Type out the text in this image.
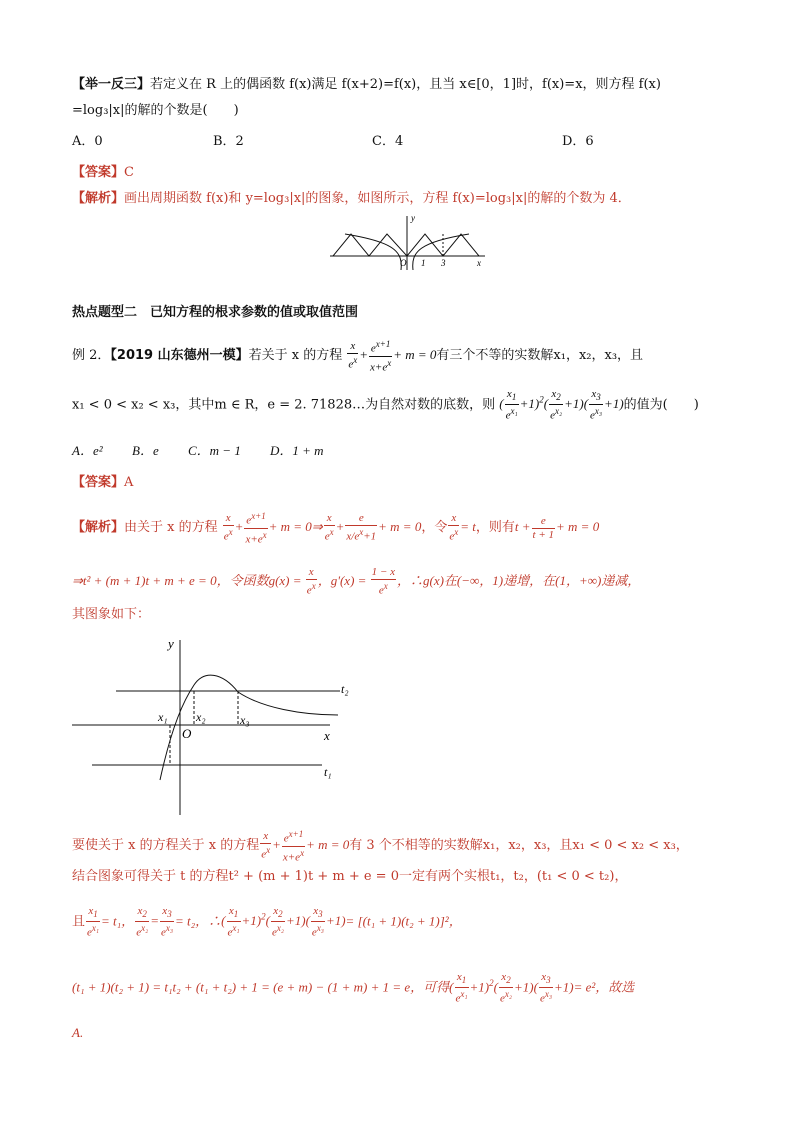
【举一反三】若定义在 R 上的偶函数 f(x)满足 f(x+2)=f(x)，且当 x∈[0，1]时，f(x)=x，则方程 f(x)
=log₃|x|的解的个数是(　　)
A．0	B．2	C．4	D．6
【答案】C
【解析】画出周期函数 f(x)和 y=log₃|x|的图象，如图所示，方程 f(x)=log₃|x|的解的个数为 4．
y
O 1 3	x
热点题型二　已知方程的根求参数的值或取值范围
例 2．【2019 山东德州一模】若关于 x 的方程 $\frac{x}{e^x} + \frac{e^{x+1}}{x+e^x} + m = 0$有三个不等的实数解x₁，x₂，x₃，且
x₁ < 0 < x₂ < x₃，其中m ∈ R，e = 2. 71828…为自然对数的底数，则 ( $\frac{x_1}{e^{x_1}} +1)^2( \frac{x_2}{e^{x_2}} +1)( \frac{x_3}{e^{x_3}} +1)$的值为(　　)
A．e² B．e C．m − 1 D．1 + m
【答案】A
【解析】由关于 x 的方程 $\frac{x}{e^x} + \frac{e^{x+1}}{x+e^x} + m$ = 0⇒ $\frac{x}{e^x} + \frac{e}{x/e^x+1} + m = 0$，令 $\frac{x}{e^x} = t$，则有$t + \frac{e}{t + 1} + m = 0$
⇒t² + (m + 1)t + m + e = 0，令函数$g(x) = \frac{x}{e^x}$ ，$g'(x) = \frac{1 - x}{e^x}$ ，∴g(x)在(−∞，1)递增，在(1，+∞)递减，
其图象如下：
y
x
O
x₁ x₂	x₃
t₁
t₂
要使关于 x 的方程关于 x 的方程 $\frac{x}{e^x} + \frac{e^{x+1}}{x+e^x} + m = 0$有 3 个不相等的实数解x₁，x₂，x₃，且x₁ < 0 < x₂ < x₃，
结合图象可得关于 t 的方程t² + (m + 1)t + m + e = 0一定有两个实根t₁，t₂，(t₁ < 0 < t₂)，
且 $\frac{x_1}{e^{x_1}} = t_1$， $\frac{x_2}{e^{x_2}} = \frac{x_3}{e^{x_3}} = t_2$，∴( $\frac{x_1}{e^{x_1}} +1)^2( \frac{x_2}{e^{x_2}} +1)( \frac{x_3}{e^{x_3}} +1)= [(t_1 + 1)(t_2 + 1)]^2$，
(t₁ + 1)(t₂ + 1) = t₁t₂ + (t₁ + t₂) + 1 = (e + m) − (1 + m) + 1 = e，可得( $\frac{x_1}{e^{x_1}} +1)^2( \frac{x_2}{e^{x_2}} +1)( \frac{x_3}{e^{x_3}} +1)= e^2$，故选
A.
